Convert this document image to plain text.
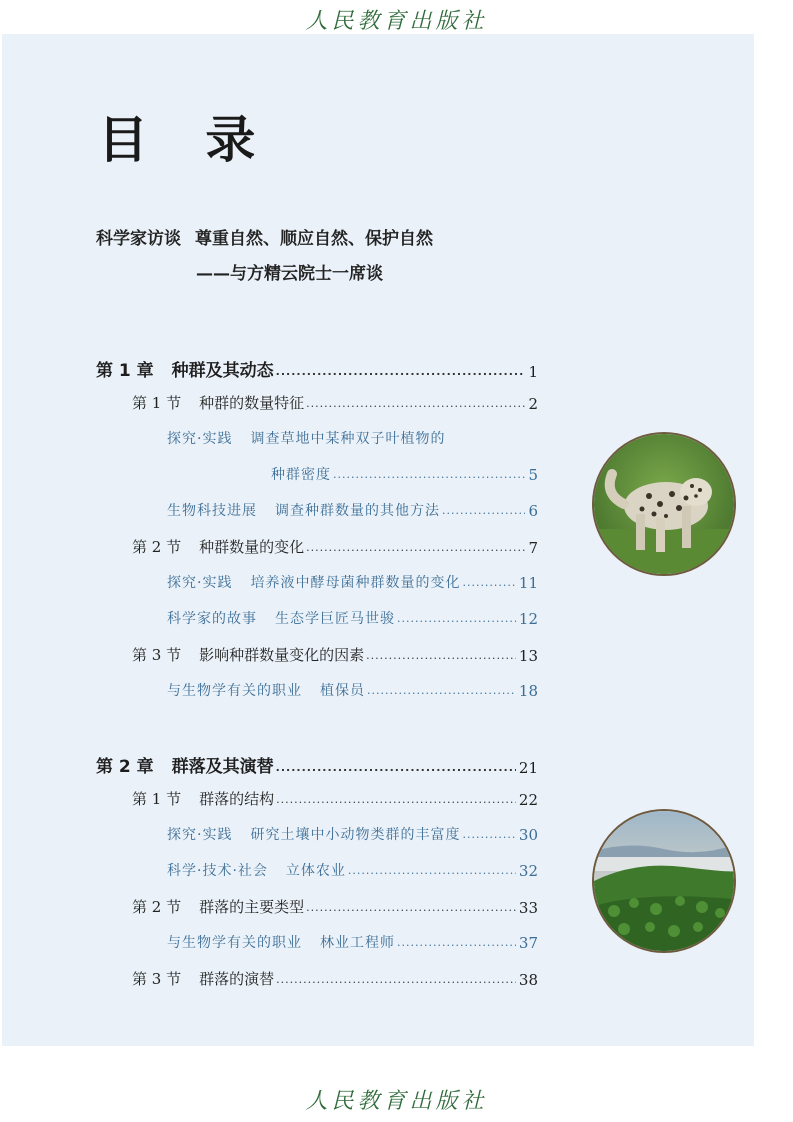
人民教育出版社
目 录
科学家访谈 尊重自然、顺应自然、保护自然
——与方精云院士一席谈
第 1 章 种群及其动态 .....	1
第 1 节 种群的数量特征 .....	2
探究·实践 调查草地中某种双子叶植物的
种群密度 .....	5
生物科技进展 调查种群数量的其他方法 .....	6
第 2 节 种群数量的变化 .....	7
探究·实践 培养液中酵母菌种群数量的变化 .....	11
科学家的故事 生态学巨匠马世骏 .....	12
第 3 节 影响种群数量变化的因素 .....	13
与生物学有关的职业 植保员 .....	18
第 2 章 群落及其演替 .....	21
第 1 节 群落的结构 .....	22
探究·实践 研究土壤中小动物类群的丰富度 .....	30
科学·技术·社会 立体农业 .....	32
第 2 节 群落的主要类型 .....	33
与生物学有关的职业 林业工程师 .....	37
第 3 节 群落的演替 .....	38
人民教育出版社
